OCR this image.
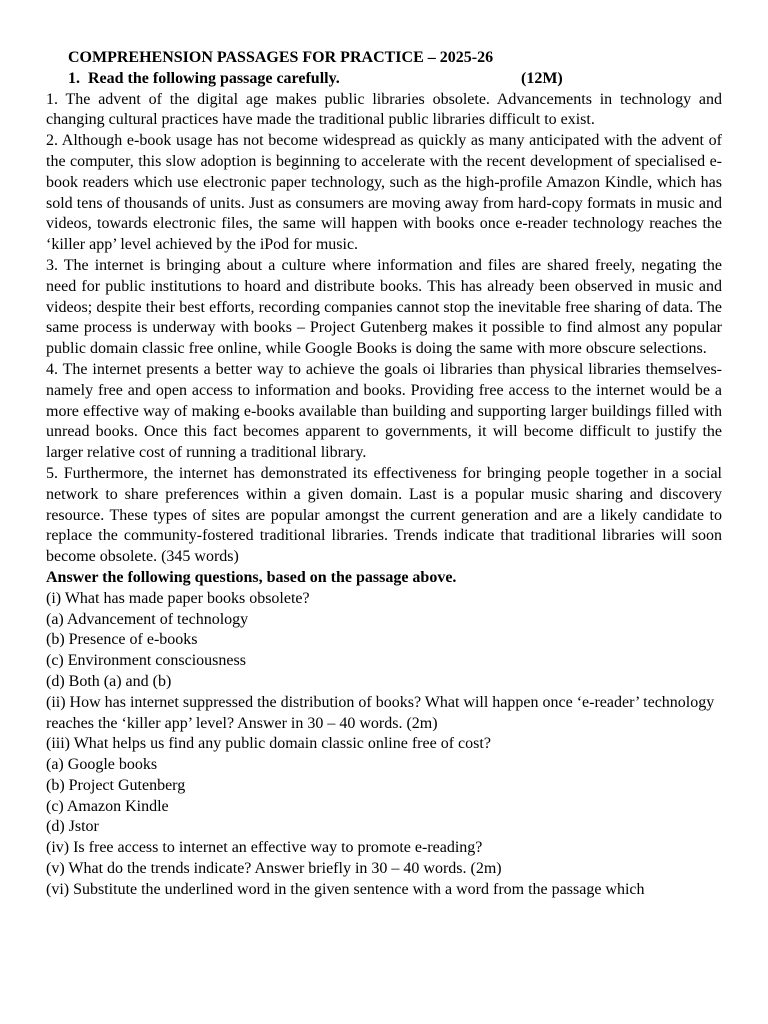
COMPREHENSION PASSAGES FOR PRACTICE – 2025-26
1. Read the following passage carefully.	(12M)

1. The advent of the digital age makes public libraries obsolete. Advancements in technology and changing cultural practices have made the traditional public libraries difficult to exist.

2. Although e-book usage has not become widespread as quickly as many anticipated with the advent of the computer, this slow adoption is beginning to accelerate with the recent development of specialised e-book readers which use electronic paper technology, such as the high-profile Amazon Kindle, which has sold tens of thousands of units. Just as consumers are moving away from hard-copy formats in music and videos, towards electronic files, the same will happen with books once e-reader technology reaches the ‘killer app’ level achieved by the iPod for music.

3. The internet is bringing about a culture where information and files are shared freely, negating the need for public institutions to hoard and distribute books. This has already been observed in music and videos; despite their best efforts, recording companies cannot stop the inevitable free sharing of data. The same process is underway with books – Project Gutenberg makes it possible to find almost any popular public domain classic free online, while Google Books is doing the same with more obscure selections.

4. The internet presents a better way to achieve the goals oi libraries than physical libraries themselves-namely free and open access to information and books. Providing free access to the internet would be a more effective way of making e-books available than building and supporting larger buildings filled with unread books. Once this fact becomes apparent to governments, it will become difficult to justify the larger relative cost of running a traditional library.

5. Furthermore, the internet has demonstrated its effectiveness for bringing people together in a social network to share preferences within a given domain. Last is a popular music sharing and discovery resource. These types of sites are popular amongst the current generation and are a likely candidate to replace the community-fostered traditional libraries. Trends indicate that traditional libraries will soon become obsolete. (345 words)

Answer the following questions, based on the passage above.
(i) What has made paper books obsolete?
(a) Advancement of technology
(b) Presence of e-books
(c) Environment consciousness
(d) Both (a) and (b)

(ii) How has internet suppressed the distribution of books? What will happen once ‘e-reader’ technology reaches the ‘killer app’ level? Answer in 30 – 40 words. (2m)

(iii) What helps us find any public domain classic online free of cost?
(a) Google books
(b) Project Gutenberg
(c) Amazon Kindle
(d) Jstor
(iv) Is free access to internet an effective way to promote e-reading?
(v) What do the trends indicate? Answer briefly in 30 – 40 words. (2m)
(vi) Substitute the underlined word in the given sentence with a word from the passage which
